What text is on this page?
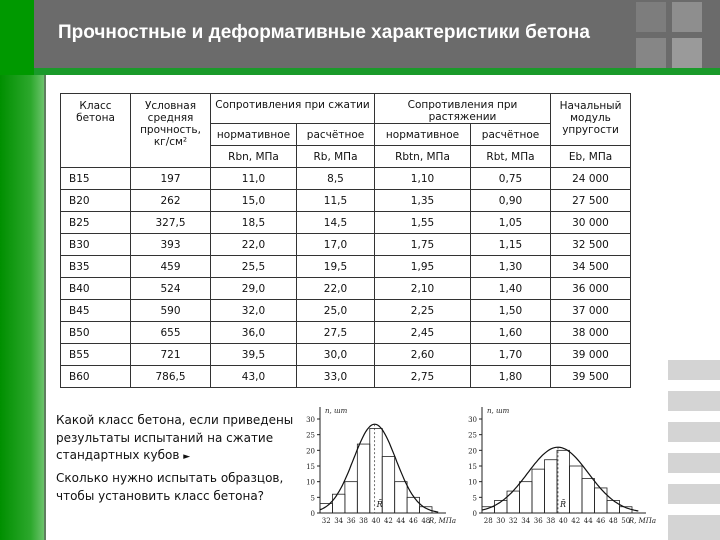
Прочностные и деформативные характеристики бетона
Класс бетона	Условная средняя прочность, кг/см²	Сопротивления при сжатии		Сопротивления при растяжении		Начальный модуль упругости
		нормативное	расчётное	нормативное	расчётное	
		Rbn, МПа	Rb, МПа	Rbtn, МПа	Rbt, МПа	Eb, МПа
B15	197	11,0	8,5	1,10	0,75	24 000
B20	262	15,0	11,5	1,35	0,90	27 500
B25	327,5	18,5	14,5	1,55	1,05	30 000
B30	393	22,0	17,0	1,75	1,15	32 500
B35	459	25,5	19,5	1,95	1,30	34 500
B40	524	29,0	22,0	2,10	1,40	36 000
B45	590	32,0	25,0	2,25	1,50	37 000
B50	655	36,0	27,5	2,45	1,60	38 000
B55	721	39,5	30,0	2,60	1,70	39 000
B60	786,5	43,0	33,0	2,75	1,80	39 500
Какой класс бетона, если приведены
результаты испытаний на сжатие
стандартных кубов ►
Сколько нужно испытать образцов,
чтобы установить класс бетона?
0
5
10
15
20
25
30
n, шт
32 34 36 38 40 42 44 46 48
R, МПа
R̄
0
5
10
15
20
25
30
n, шт
28 30 32 34 36 38 40 42 44 46 48 50
R, МПа
R̄
